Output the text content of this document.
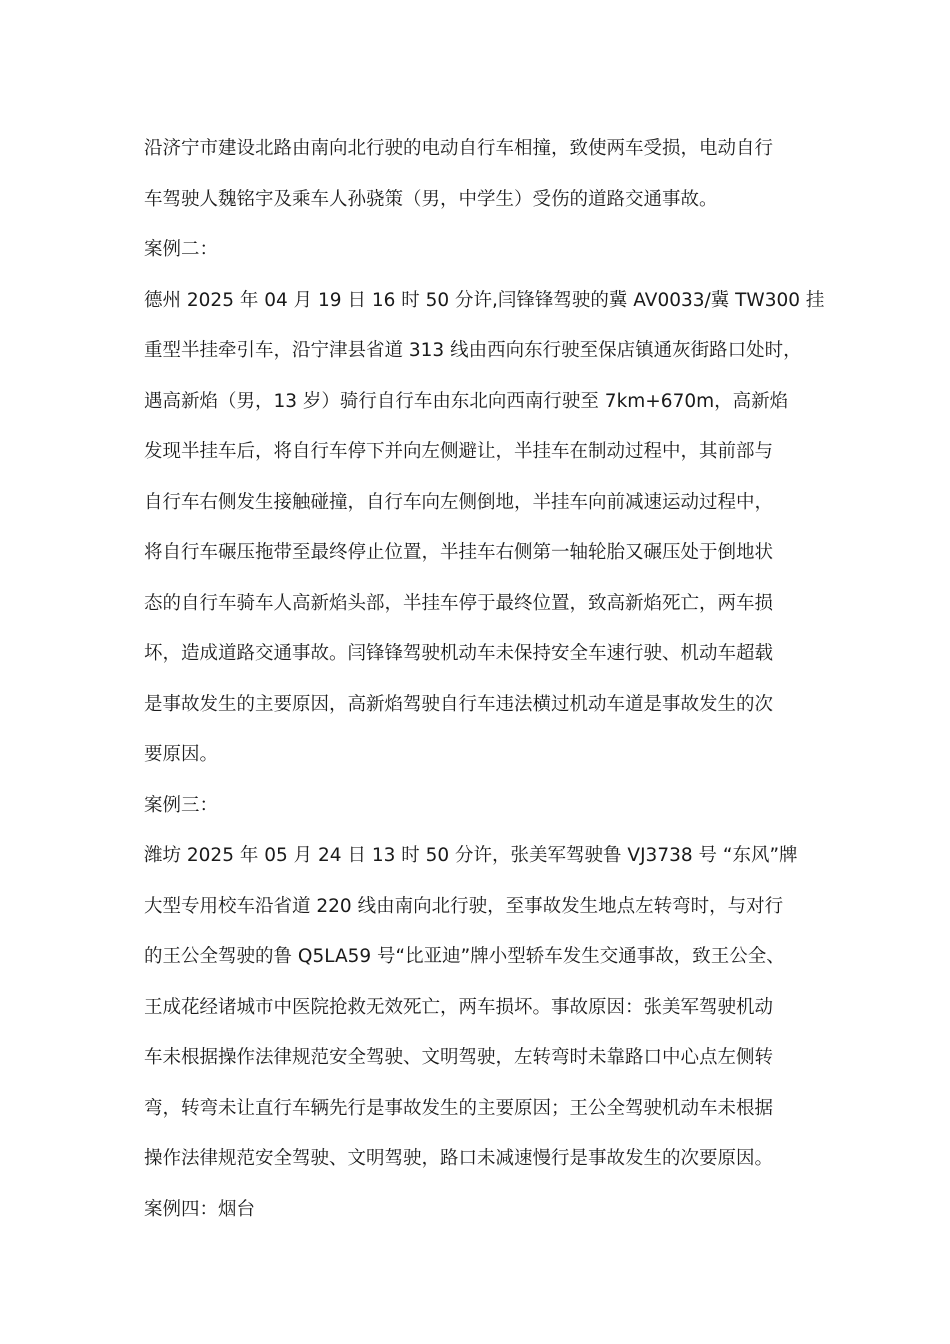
沿济宁市建设北路由南向北行驶的电动自行车相撞，致使两车受损，电动自行
车驾驶人魏铭宇及乘车人孙骁策（男，中学生）受伤的道路交通事故。
案例二：
德州 2025 年 04 月 19 日 16 时 50 分许,闫锋锋驾驶的冀 AV0033/冀 TW300 挂
重型半挂牵引车，沿宁津县省道 313 线由西向东行驶至保店镇通灰街路口处时，
遇高新焰（男，13 岁）骑行自行车由东北向西南行驶至 7km+670m，高新焰
发现半挂车后，将自行车停下并向左侧避让，半挂车在制动过程中，其前部与
自行车右侧发生接触碰撞，自行车向左侧倒地，半挂车向前减速运动过程中，
将自行车碾压拖带至最终停止位置，半挂车右侧第一轴轮胎又碾压处于倒地状
态的自行车骑车人高新焰头部，半挂车停于最终位置，致高新焰死亡，两车损
坏，造成道路交通事故。闫锋锋驾驶机动车未保持安全车速行驶、机动车超载
是事故发生的主要原因，高新焰驾驶自行车违法横过机动车道是事故发生的次
要原因。
案例三：
潍坊 2025 年 05 月 24 日 13 时 50 分许，张美军驾驶鲁 VJ3738 号 “东风”牌
大型专用校车沿省道 220 线由南向北行驶，至事故发生地点左转弯时，与对行
的王公全驾驶的鲁 Q5LA59 号“比亚迪”牌小型轿车发生交通事故，致王公全、
王成花经诸城市中医院抢救无效死亡，两车损坏。事故原因：张美军驾驶机动
车未根据操作法律规范安全驾驶、文明驾驶，左转弯时未靠路口中心点左侧转
弯，转弯未让直行车辆先行是事故发生的主要原因；王公全驾驶机动车未根据
操作法律规范安全驾驶、文明驾驶，路口未减速慢行是事故发生的次要原因。
案例四：烟台
